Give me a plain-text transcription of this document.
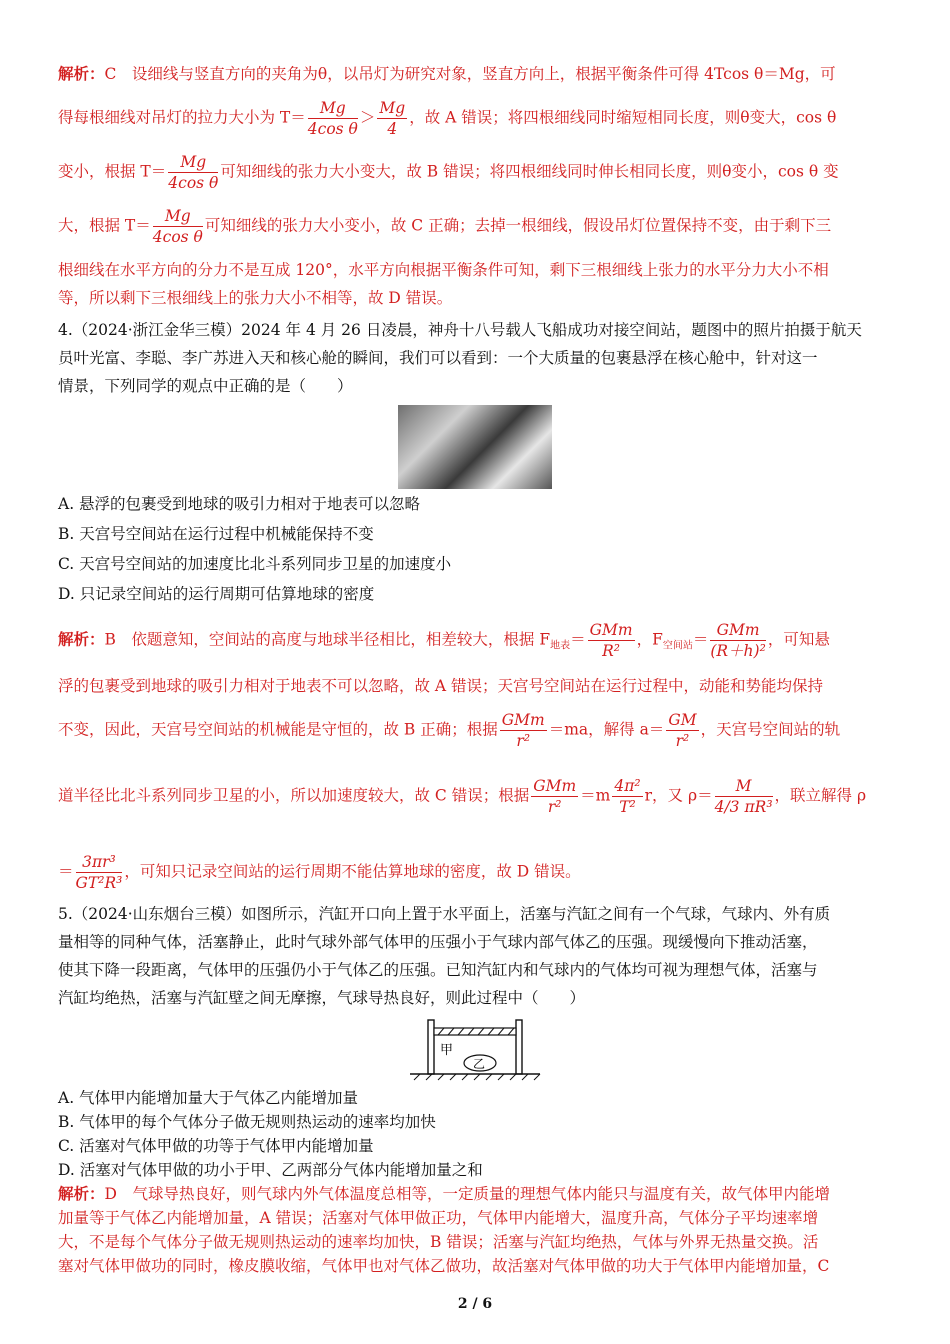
解析：C　设细线与竖直方向的夹角为θ，以吊灯为研究对象，竖直方向上，根据平衡条件可得 4Tcos θ＝Mg，可
得每根细线对吊灯的拉力大小为 $T= \frac{Mg}{\text{4cos θ}} > \frac{Mg}{4}$ ，故 A 错误；将四根细线同时缩短相同长度，则θ变大，cos θ
变小，根据 $T= \frac{Mg}{\text{4cos θ}}$ 可知细线的张力大小变大，故 B 错误；将四根细线同时伸长相同长度，则θ变小，cos θ 变
大，根据 $T= \frac{Mg}{\text{4cos θ}}$ 可知细线的张力大小变小，故 C 正确；去掉一根细线，假设吊灯位置保持不变，由于剩下三
根细线在水平方向的分力不是互成 120°，水平方向根据平衡条件可知，剩下三根细线上张力的水平分力大小不相
等，所以剩下三根细线上的张力大小不相等，故 D 错误。
4.（2024·浙江金华三模）2024 年 4 月 26 日凌晨，神舟十八号载人飞船成功对接空间站，题图中的照片拍摄于航天
员叶光富、李聪、李广苏进入天和核心舱的瞬间，我们可以看到：一个大质量的包裹悬浮在核心舱中，针对这一
情景，下列同学的观点中正确的是（　　）
A. 悬浮的包裹受到地球的吸引力相对于地表可以忽略
B. 天宫号空间站在运行过程中机械能保持不变
C. 天宫号空间站的加速度比北斗系列同步卫星的加速度小
D. 只记录空间站的运行周期可估算地球的密度
解析：B　依题意知，空间站的高度与地球半径相比，相差较大，根据 $F_{地表}= \frac{\text{GMm}}{\text{R²}}$ ，$F_{空间站}= \frac{\text{GMm}}{\text{(R＋h)²}}$ ，可知悬
浮的包裹受到地球的吸引力相对于地表不可以忽略，故 A 错误；天宫号空间站在运行过程中，动能和势能均保持
不变，因此，天宫号空间站的机械能是守恒的，故 B 正确；根据 $\frac{\text{GMm}}{\text{r²}} =ma$，解得 $a= \frac{GM}{\text{r²}}$ ，天宫号空间站的轨
道半径比北斗系列同步卫星的小，所以加速度较大，故 C 错误；根据 $\frac{\text{GMm}}{\text{r²}} =m \frac{\text{4π²}}{\text{T²}}$ r，又 $\rho= \frac{M}{\text{4/3 πR³}}$ ，联立解得 ρ
＝ $\frac{\text{3πr³}}{\text{GT²R³}}$ ，可知只记录空间站的运行周期不能估算地球的密度，故 D 错误。
5.（2024·山东烟台三模）如图所示，汽缸开口向上置于水平面上，活塞与汽缸之间有一个气球，气球内、外有质
量相等的同种气体，活塞静止，此时气球外部气体甲的压强小于气球内部气体乙的压强。现缓慢向下推动活塞，
使其下降一段距离，气体甲的压强仍小于气体乙的压强。已知汽缸内和气球内的气体均可视为理想气体，活塞与
汽缸均绝热，活塞与汽缸壁之间无摩擦，气球导热良好，则此过程中（　　）
甲
乙
A. 气体甲内能增加量大于气体乙内能增加量
B. 气体甲的每个气体分子做无规则热运动的速率均加快
C. 活塞对气体甲做的功等于气体甲内能增加量
D. 活塞对气体甲做的功小于甲、乙两部分气体内能增加量之和
解析：D　气球导热良好，则气球内外气体温度总相等，一定质量的理想气体内能只与温度有关，故气体甲内能增
加量等于气体乙内能增加量，A 错误；活塞对气体甲做正功，气体甲内能增大，温度升高，气体分子平均速率增
大，不是每个气体分子做无规则热运动的速率均加快，B 错误；活塞与汽缸均绝热，气体与外界无热量交换。活
塞对气体甲做功的同时，橡皮膜收缩，气体甲也对气体乙做功，故活塞对气体甲做的功大于气体甲内能增加量，C
2 / 6
